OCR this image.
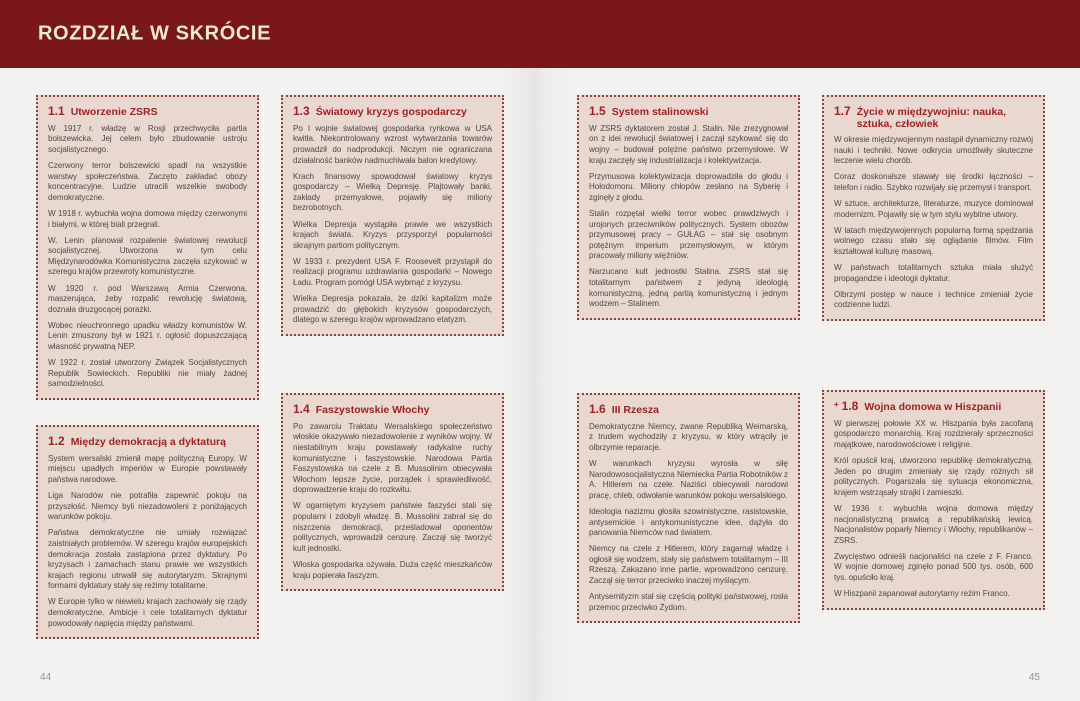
ROZDZIAŁ W SKRÓCIE
1.1 Utworzenie ZSRS

W 1917 r. władzę w Rosji przechwyciła partia bolszewicka. Jej celem było zbudowanie ustroju socjalistycznego.

Czerwony terror bolszewicki spadł na wszystkie warstwy społeczeństwa. Zaczęto zakładać obozy koncentracyjne. Ludzie utracili wszelkie swobody demokratyczne.

W 1918 r. wybuchła wojna domowa między czerwonymi i białymi, w której biali przegrali.

W. Lenin planował rozpalenie światowej rewolucji socjalistycznej. Utworzona w tym celu Międzynarodówka Komunistyczna zaczęła szykować w szeregu krajów przewroty komunistyczne.

W 1920 r. pod Warszawą Armia Czerwona, maszerująca, żeby rozpalić rewolucję światową, doznała druzgocącej porażki.

Wobec nieuchronnego upadku władzy komunistów W. Lenin zmuszony był w 1921 r. ogłosić dopuszczającą własność prywatną NEP.

W 1922 r. został utworzony Związek Socjalistycznych Republik Sowieckich. Republiki nie miały żadnej samodzielności.

1.2 Między demokracją a dyktaturą

System wersalski zmienił mapę polityczną Europy. W miejscu upadłych imperiów w Europie powstawały państwa narodowe.

Liga Narodów nie potrafiła zapewnić pokoju na przyszłość. Niemcy byli niezadowoleni z poniżających warunków pokoju.

Państwa demokratyczne nie umiały rozwiązać zaistniałych problemów. W szeregu krajów europejskich demokracja została zastąpiona przez dyktatury. Po kryzysach i zamachach stanu prawie we wszystkich krajach regionu utrwalił się autorytaryzm. Skrajnymi formami dyktatury stały się reżimy totalitarne.

W Europie tylko w niewielu krajach zachowały się rządy demokratyczne. Ambicje i cele totalitarnych dyktatur powodowały napięcia między państwami.

1.3 Światowy kryzys gospodarczy

Po I wojnie światowej gospodarka rynkowa w USA kwitła. Niekontrolowany wzrost wytwarzania towarów prowadził do nadprodukcji. Niczym nie ograniczana działalność banków nadmuchiwała balon kredytowy.

Krach finansowy spowodował światowy kryzys gospodarczy – Wielką Depresję. Plajtowały banki, zakłady przemysłowe, pojawiły się miliony bezrobotnych.

Wielka Depresja wystąpiła prawie we wszystkich krajach świata. Kryzys przysporzył popularności skrajnym partiom politycznym.

W 1933 r. prezydent USA F. Roosevelt przystąpił do realizacji programu uzdrawiania gospodarki – Nowego Ładu. Program pomógł USA wybrnąć z kryzysu.

Wielka Depresja pokazała, że dziki kapitalizm może prowadzić do głębokich kryzysów gospodarczych, dlatego w szeregu krajów wprowadzano etatyzm.

1.4 Faszystowskie Włochy

Po zawarciu Traktatu Wersalskiego społeczeństwo włoskie okazywało niezadowolenie z wyników wojny. W niestabilnym kraju powstawały radykalne ruchy komunistyczne i faszystowskie. Narodowa Partia Faszystowska na czele z B. Mussolinim obiecywała Włochom lepsze życie, porządek i sprawiedliwość, doprowadzenie kraju do rozkwitu.

W ogarniętym kryzysem państwie faszyści stali się popularni i zdobyli władzę. B. Mussolini zabrał się do niszczenia demokracji, prześladował oponentów politycznych, wprowadził cenzurę. Zaczął się tworzyć kult jednostki.

Włoska gospodarka ożywała. Duża część mieszkańców kraju popierała faszyzm.

1.5 System stalinowski

W ZSRS dyktatorem został J. Stalin. Nie zrezygnował on z idei rewolucji światowej i zaczął szykować się do wojny – budował potężne państwo przemysłowe. W kraju zaczęły się industrializacja i kolektywizacja.

Przymusowa kolektywizacja doprowadziła do głodu i Hołodomoru. Miliony chłopów zesłano na Syberię i zginęły z głodu.

Stalin rozpętał wielki terror wobec prawdziwych i urojonych przeciwników politycznych. System obozów przymusowej pracy – GUŁAG – stał się osobnym potężnym imperium przemysłowym, w którym pracowały miliony więźniów.

Narzucano kult jednostki Stalina. ZSRS stał się totalitarnym państwem z jedyną ideologią komunistyczną, jedną partią komunistyczną i jednym wodzem – Stalinem.

1.6 III Rzesza

Demokratyczne Niemcy, zwane Republiką Weimarską, z trudem wychodziły z kryzysu, w który wtrąciły je olbrzymie reparacje.

W warunkach kryzysu wyrosła w siłę Narodowosocjalistyczna Niemiecka Partia Robotników z A. Hitlerem na czele. Naziści obiecywali narodowi pracę, chleb, odwołanie warunków pokoju wersalskiego.

Ideologia nazizmu głosiła szowinistyczne, rasistowskie, antysemickie i antykomunistyczne idee, dążyła do panowania Niemców nad światem.

Niemcy na czele z Hitlerem, który zagarnął władzę i ogłosił się wodzem, stały się państwem totalitarnym – III Rzeszą. Zakazano inne partie, wprowadzono cenzurę. Zaczął się terror przeciwko inaczej myślącym.

Antysemityzm stał się częścią polityki państwowej, rosła przemoc przeciwko Żydom.

1.7 Życie w międzywojniu: nauka, sztuka, człowiek

W okresie międzywojennym nastąpił dynamiczny rozwój nauki i techniki. Nowe odkrycia umożliwiły skuteczne leczenie wielu chorób.

Coraz doskonalsze stawały się środki łączności – telefon i radio. Szybko rozwijały się przemysł i transport.

W sztuce, architekturze, literaturze, muzyce dominował modernizm. Pojawiły się w tym stylu wybitne utwory.

W latach międzywojennych popularną formą spędzania wolnego czasu stało się oglądanie filmów. Film kształtował kulturę masową.

W państwach totalitarnych sztuka miała służyć propagandzie i ideologii dyktatur.

Olbrzymi postęp w nauce i technice zmieniał życie codzienne ludzi.

+ 1.8 Wojna domowa w Hiszpanii

W pierwszej połowie XX w. Hiszpania była zacofaną gospodarczo monarchią. Kraj rozdzierały sprzeczności majątkowe, narodowościowe i religijne.

Król opuścił kraj, utworzono republikę demokratyczną. Jeden po drugim zmieniały się rządy różnych sił politycznych. Pogarszała się sytuacja ekonomiczna, krajem wstrząsały strajki i zamieszki.

W 1936 r. wybuchła wojna domowa między nacjonalistyczną prawicą a republikańską lewicą. Nacjonalistów poparły Niemcy i Włochy, republikanów – ZSRS.

Zwycięstwo odnieśli nacjonaliści na czele z F. Franco. W wojnie domowej zginęło ponad 500 tys. osób, 600 tys. opuściło kraj.

W Hiszpanii zapanował autorytarny reżim Franco.

44	45
